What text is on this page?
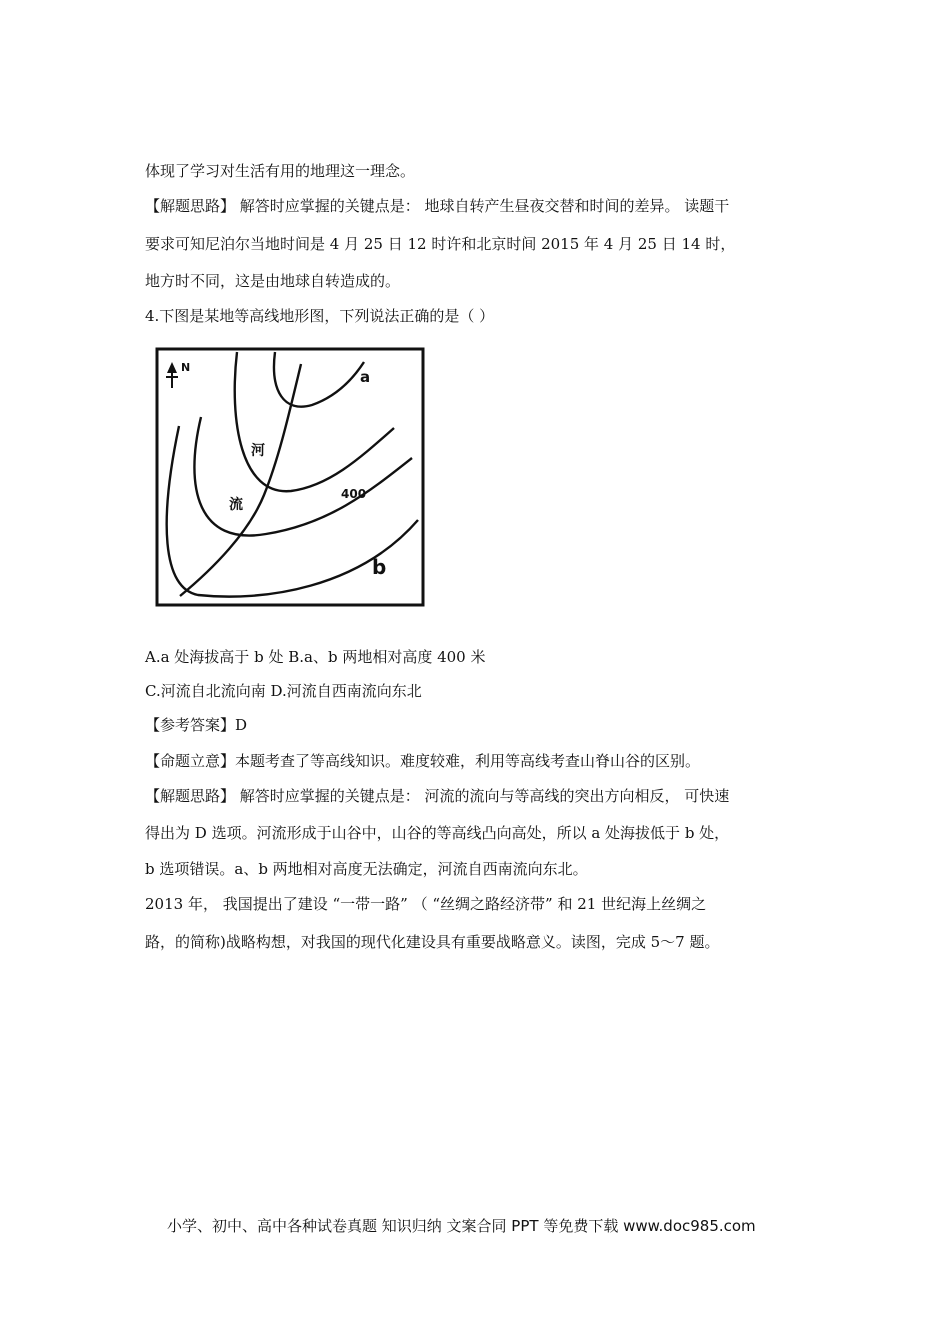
体现了学习对生活有用的地理这一理念。
【解题思路】 解答时应掌握的关键点是： 地球自转产生昼夜交替和时间的差异。 读题干
要求可知尼泊尔当地时间是 4 月 25 日 12 时许和北京时间 2015 年 4 月 25 日 14 时，
地方时不同，这是由地球自转造成的。
4.下图是某地等高线地形图，下列说法正确的是（ ）
N
a
b
400
河
流
A.a 处海拔高于 b 处 B.a、b 两地相对高度 400 米
C.河流自北流向南 D.河流自西南流向东北
【参考答案】D
【命题立意】本题考查了等高线知识。难度较难，利用等高线考查山脊山谷的区别。
【解题思路】 解答时应掌握的关键点是： 河流的流向与等高线的突出方向相反， 可快速
得出为 D 选项。河流形成于山谷中，山谷的等高线凸向高处，所以 a 处海拔低于 b 处，
b 选项错误。a、b 两地相对高度无法确定，河流自西南流向东北。
2013 年， 我国提出了建设 “一带一路” （ “丝绸之路经济带” 和 21 世纪海上丝绸之
路，的简称)战略构想，对我国的现代化建设具有重要战略意义。读图，完成 5～7 题。
小学、初中、高中各种试卷真题 知识归纳 文案合同 PPT 等免费下载 www.doc985.com
